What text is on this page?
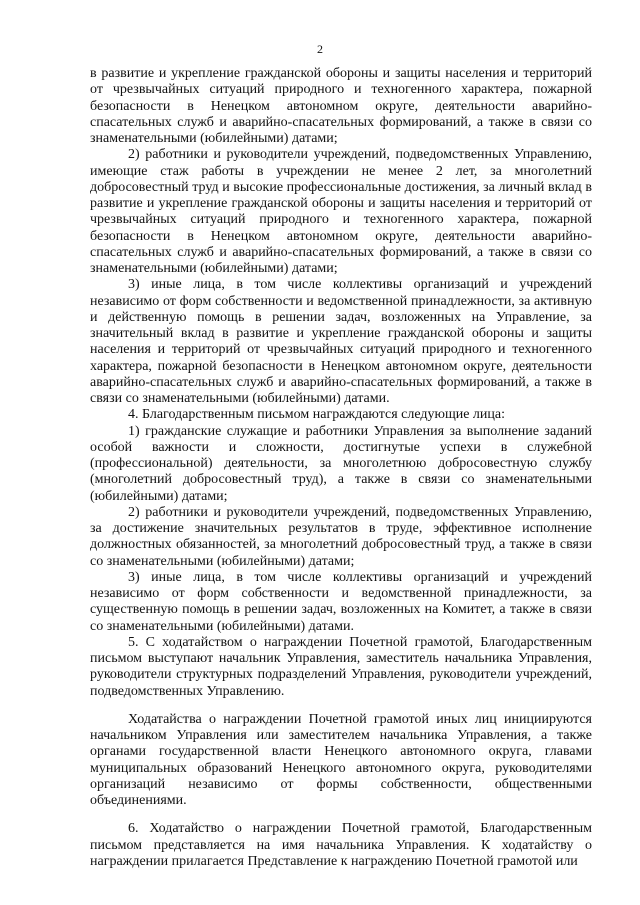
2

в развитие и укрепление гражданской обороны и защиты населения и территорий от чрезвычайных ситуаций природного и техногенного характера, пожарной безопасности в Ненецком автономном округе, деятельности аварийно-спасательных служб и аварийно-спасательных формирований, а также в связи со знаменательными (юбилейными) датами;

2) работники и руководители учреждений, подведомственных Управлению, имеющие стаж работы в учреждении не менее 2 лет, за многолетний добросовестный труд и высокие профессиональные достижения, за личный вклад в развитие и укрепление гражданской обороны и защиты населения и территорий от чрезвычайных ситуаций природного и техногенного характера, пожарной безопасности в Ненецком автономном округе, деятельности аварийно-спасательных служб и аварийно-спасательных формирований, а также в связи со знаменательными (юбилейными) датами;

3) иные лица, в том числе коллективы организаций и учреждений независимо от форм собственности и ведомственной принадлежности, за активную и действенную помощь в решении задач, возложенных на Управление, за значительный вклад в развитие и укрепление гражданской обороны и защиты населения и территорий от чрезвычайных ситуаций природного и техногенного характера, пожарной безопасности в Ненецком автономном округе, деятельности аварийно-спасательных служб и аварийно-спасательных формирований, а также в связи со знаменательными (юбилейными) датами.

4. Благодарственным письмом награждаются следующие лица:

1) гражданские служащие и работники Управления за выполнение заданий особой важности и сложности, достигнутые успехи в служебной (профессиональной) деятельности, за многолетнюю добросовестную службу (многолетний добросовестный труд), а также в связи со знаменательными (юбилейными) датами;

2) работники и руководители учреждений, подведомственных Управлению, за достижение значительных результатов в труде, эффективное исполнение должностных обязанностей, за многолетний добросовестный труд, а также в связи со знаменательными (юбилейными) датами;

3) иные лица, в том числе коллективы организаций и учреждений независимо от форм собственности и ведомственной принадлежности, за существенную помощь в решении задач, возложенных на Комитет, а также в связи со знаменательными (юбилейными) датами.

5. С ходатайством о награждении Почетной грамотой, Благодарственным письмом выступают начальник Управления, заместитель начальника Управления, руководители структурных подразделений Управления, руководители учреждений, подведомственных Управлению.

Ходатайства о награждении Почетной грамотой иных лиц инициируются начальником Управления или заместителем начальника Управления, а также органами государственной власти Ненецкого автономного округа, главами муниципальных образований Ненецкого автономного округа, руководителями организаций независимо от формы собственности, общественными объединениями.

6. Ходатайство о награждении Почетной грамотой, Благодарственным письмом представляется на имя начальника Управления. К ходатайству о награждении прилагается Представление к награждению Почетной грамотой или
